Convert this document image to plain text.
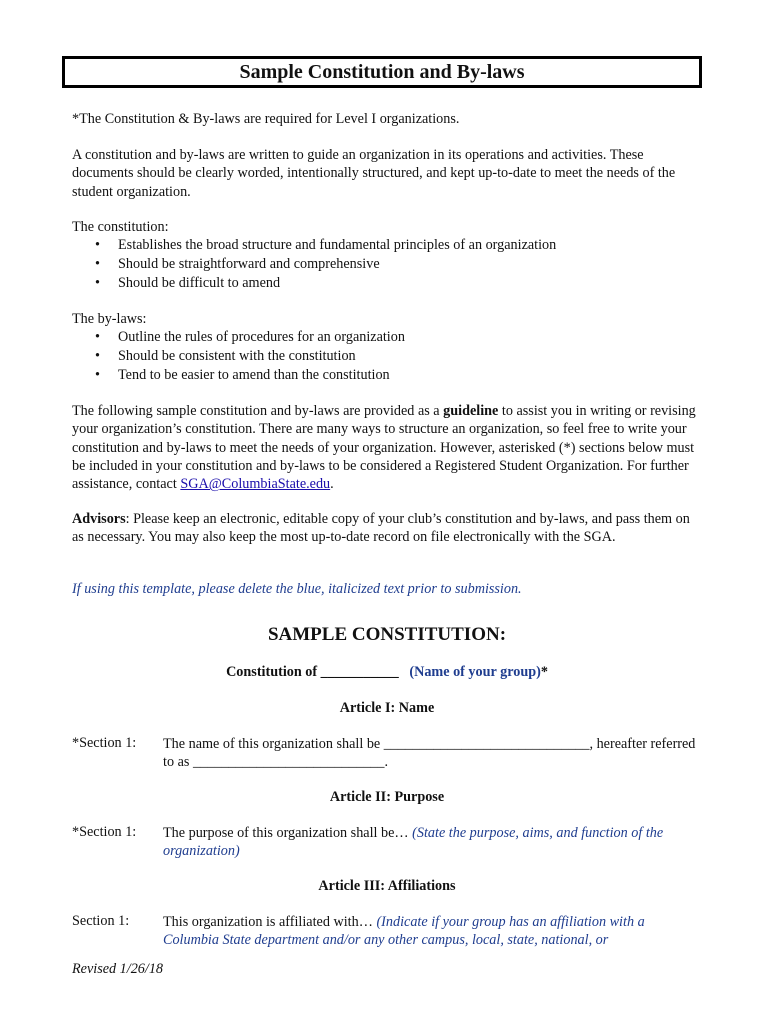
Sample Constitution and By-laws

*The Constitution & By-laws are required for Level I organizations.

A constitution and by-laws are written to guide an organization in its operations and activities. These documents should be clearly worded, intentionally structured, and kept up-to-date to meet the needs of the student organization.

The constitution:

• Establishes the broad structure and fundamental principles of an organization
• Should be straightforward and comprehensive
• Should be difficult to amend

The by-laws:

• Outline the rules of procedures for an organization
• Should be consistent with the constitution
• Tend to be easier to amend than the constitution

The following sample constitution and by-laws are provided as a guideline to assist you in writing or revising your organization’s constitution. There are many ways to structure an organization, so feel free to write your constitution and by-laws to meet the needs of your organization. However, asterisked (*) sections below must be included in your constitution and by-laws to be considered a Registered Student Organization. For further assistance, contact SGA@ColumbiaState.edu.

Advisors: Please keep an electronic, editable copy of your club’s constitution and by-laws, and pass them on as necessary. You may also keep the most up-to-date record on file electronically with the SGA.

If using this template, please delete the blue, italicized text prior to submission.

SAMPLE CONSTITUTION:
Constitution of ___________ (Name of your group)*
Article I: Name
*Section 1: The name of this organization shall be _____________________________, hereafter referred to as ___________________________.

Article II: Purpose
*Section 1: The purpose of this organization shall be… (State the purpose, aims, and function of the organization)

Article III: Affiliations
Section 1: This organization is affiliated with… (Indicate if your group has an affiliation with a Columbia State department and/or any other campus, local, state, national, or

Revised 1/26/18
